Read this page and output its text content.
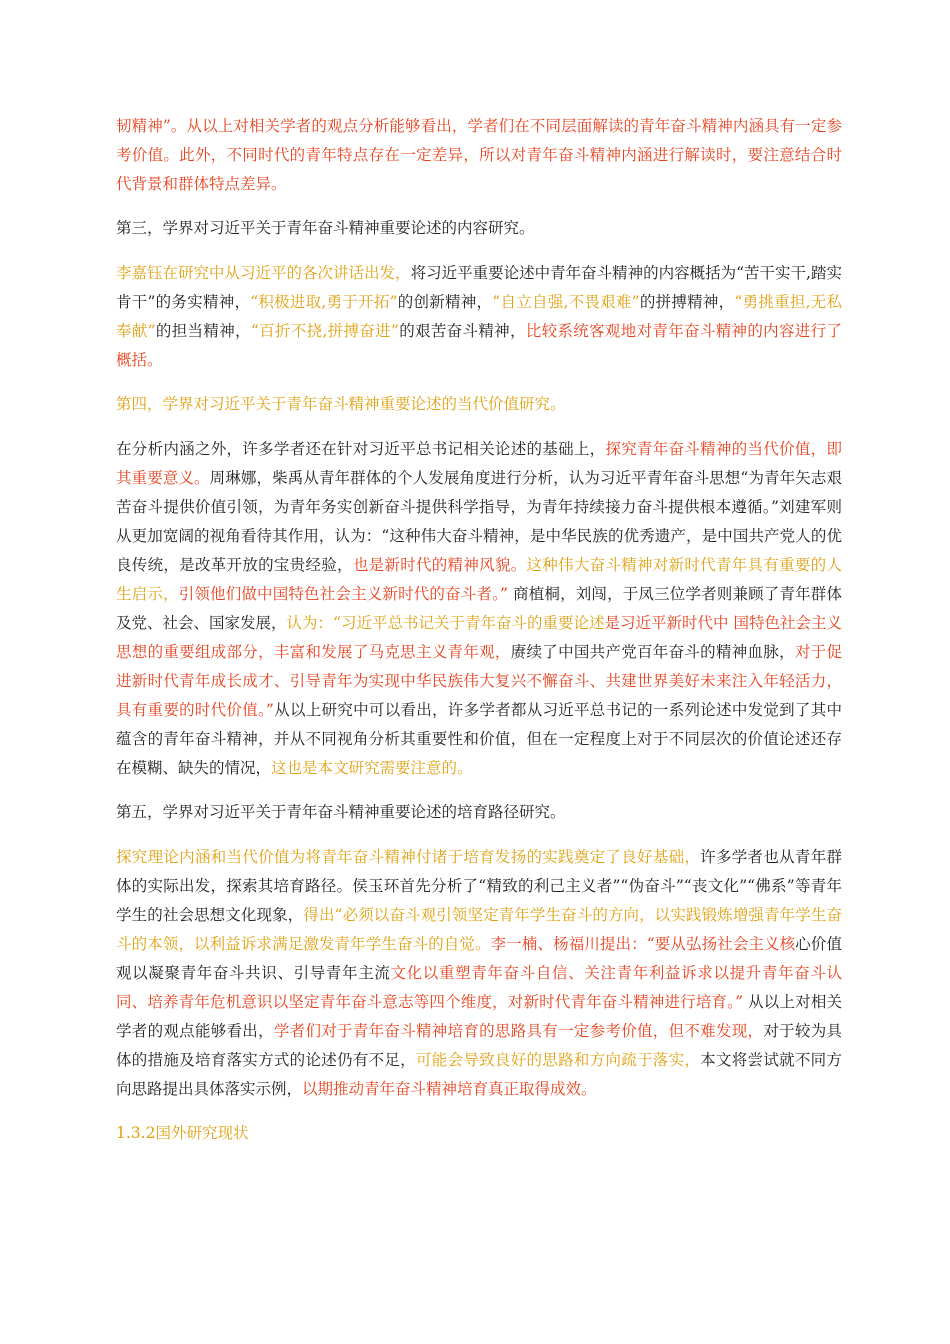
韧精神”。从以上对相关学者的观点分析能够看出，学者们在不同层面解读的青年奋斗精神内涵具有一定参考价值。此外，不同时代的青年特点存在一定差异，所以对青年奋斗精神内涵进行解读时，要注意结合时代背景和群体特点差异。

第三，学界对习近平关于青年奋斗精神重要论述的内容研究。

李嘉钰在研究中从习近平的各次讲话出发，将习近平重要论述中青年奋斗精神的内容概括为“苦干实干,踏实肯干”的务实精神，“积极进取,勇于开拓”的创新精神，“自立自强,不畏艰难”的拼搏精神，“勇挑重担,无私奉献”的担当精神，“百折不挠,拼搏奋进”的艰苦奋斗精神，比较系统客观地对青年奋斗精神的内容进行了概括。

第四，学界对习近平关于青年奋斗精神重要论述的当代价值研究。

在分析内涵之外，许多学者还在针对习近平总书记相关论述的基础上，探究青年奋斗精神的当代价值，即其重要意义。周琳娜，柴禹从青年群体的个人发展角度进行分析，认为习近平青年奋斗思想“为青年矢志艰苦奋斗提供价值引领，为青年务实创新奋斗提供科学指导，为青年持续接力奋斗提供根本遵循。”刘建军则从更加宽阔的视角看待其作用，认为：“这种伟大奋斗精神，是中华民族的优秀遗产，是中国共产党人的优良传统，是改革开放的宝贵经验，也是新时代的精神风貌。这种伟大奋斗精神对新时代青年具有重要的人生启示，引领他们做中国特色社会主义新时代的奋斗者。” 商植桐，刘闯，于凤三位学者则兼顾了青年群体及党、社会、国家发展，认为：“习近平总书记关于青年奋斗的重要论述是习近平新时代中 国特色社会主义思想的重要组成部分，丰富和发展了马克思主义青年观，赓续了中国共产党百年奋斗的精神血脉，对于促进新时代青年成长成才、引导青年为实现中华民族伟大复兴不懈奋斗、共建世界美好未来注入年轻活力，具有重要的时代价值。”从以上研究中可以看出，许多学者都从习近平总书记的一系列论述中发觉到了其中蕴含的青年奋斗精神，并从不同视角分析其重要性和价值，但在一定程度上对于不同层次的价值论述还存在模糊、缺失的情况，这也是本文研究需要注意的。

第五，学界对习近平关于青年奋斗精神重要论述的培育路径研究。

探究理论内涵和当代价值为将青年奋斗精神付诸于培育发扬的实践奠定了良好基础，许多学者也从青年群体的实际出发，探索其培育路径。侯玉环首先分析了“精致的利己主义者”“伪奋斗”“丧文化”“佛系”等青年学生的社会思想文化现象，得出“必须以奋斗观引领坚定青年学生奋斗的方向，以实践锻炼增强青年学生奋斗的本领，以利益诉求满足激发青年学生奋斗的自觉。李一楠、杨福川提出：“要从弘扬社会主义核心价值观以凝聚青年奋斗共识、引导青年主流文化以重塑青年奋斗自信、关注青年利益诉求以提升青年奋斗认同、培养青年危机意识以坚定青年奋斗意志等四个维度，对新时代青年奋斗精神进行培育。” 从以上对相关学者的观点能够看出，学者们对于青年奋斗精神培育的思路具有一定参考价值，但不难发现，对于较为具体的措施及培育落实方式的论述仍有不足，可能会导致良好的思路和方向疏于落实，本文将尝试就不同方向思路提出具体落实示例，以期推动青年奋斗精神培育真正取得成效。

1.3.2国外研究现状
